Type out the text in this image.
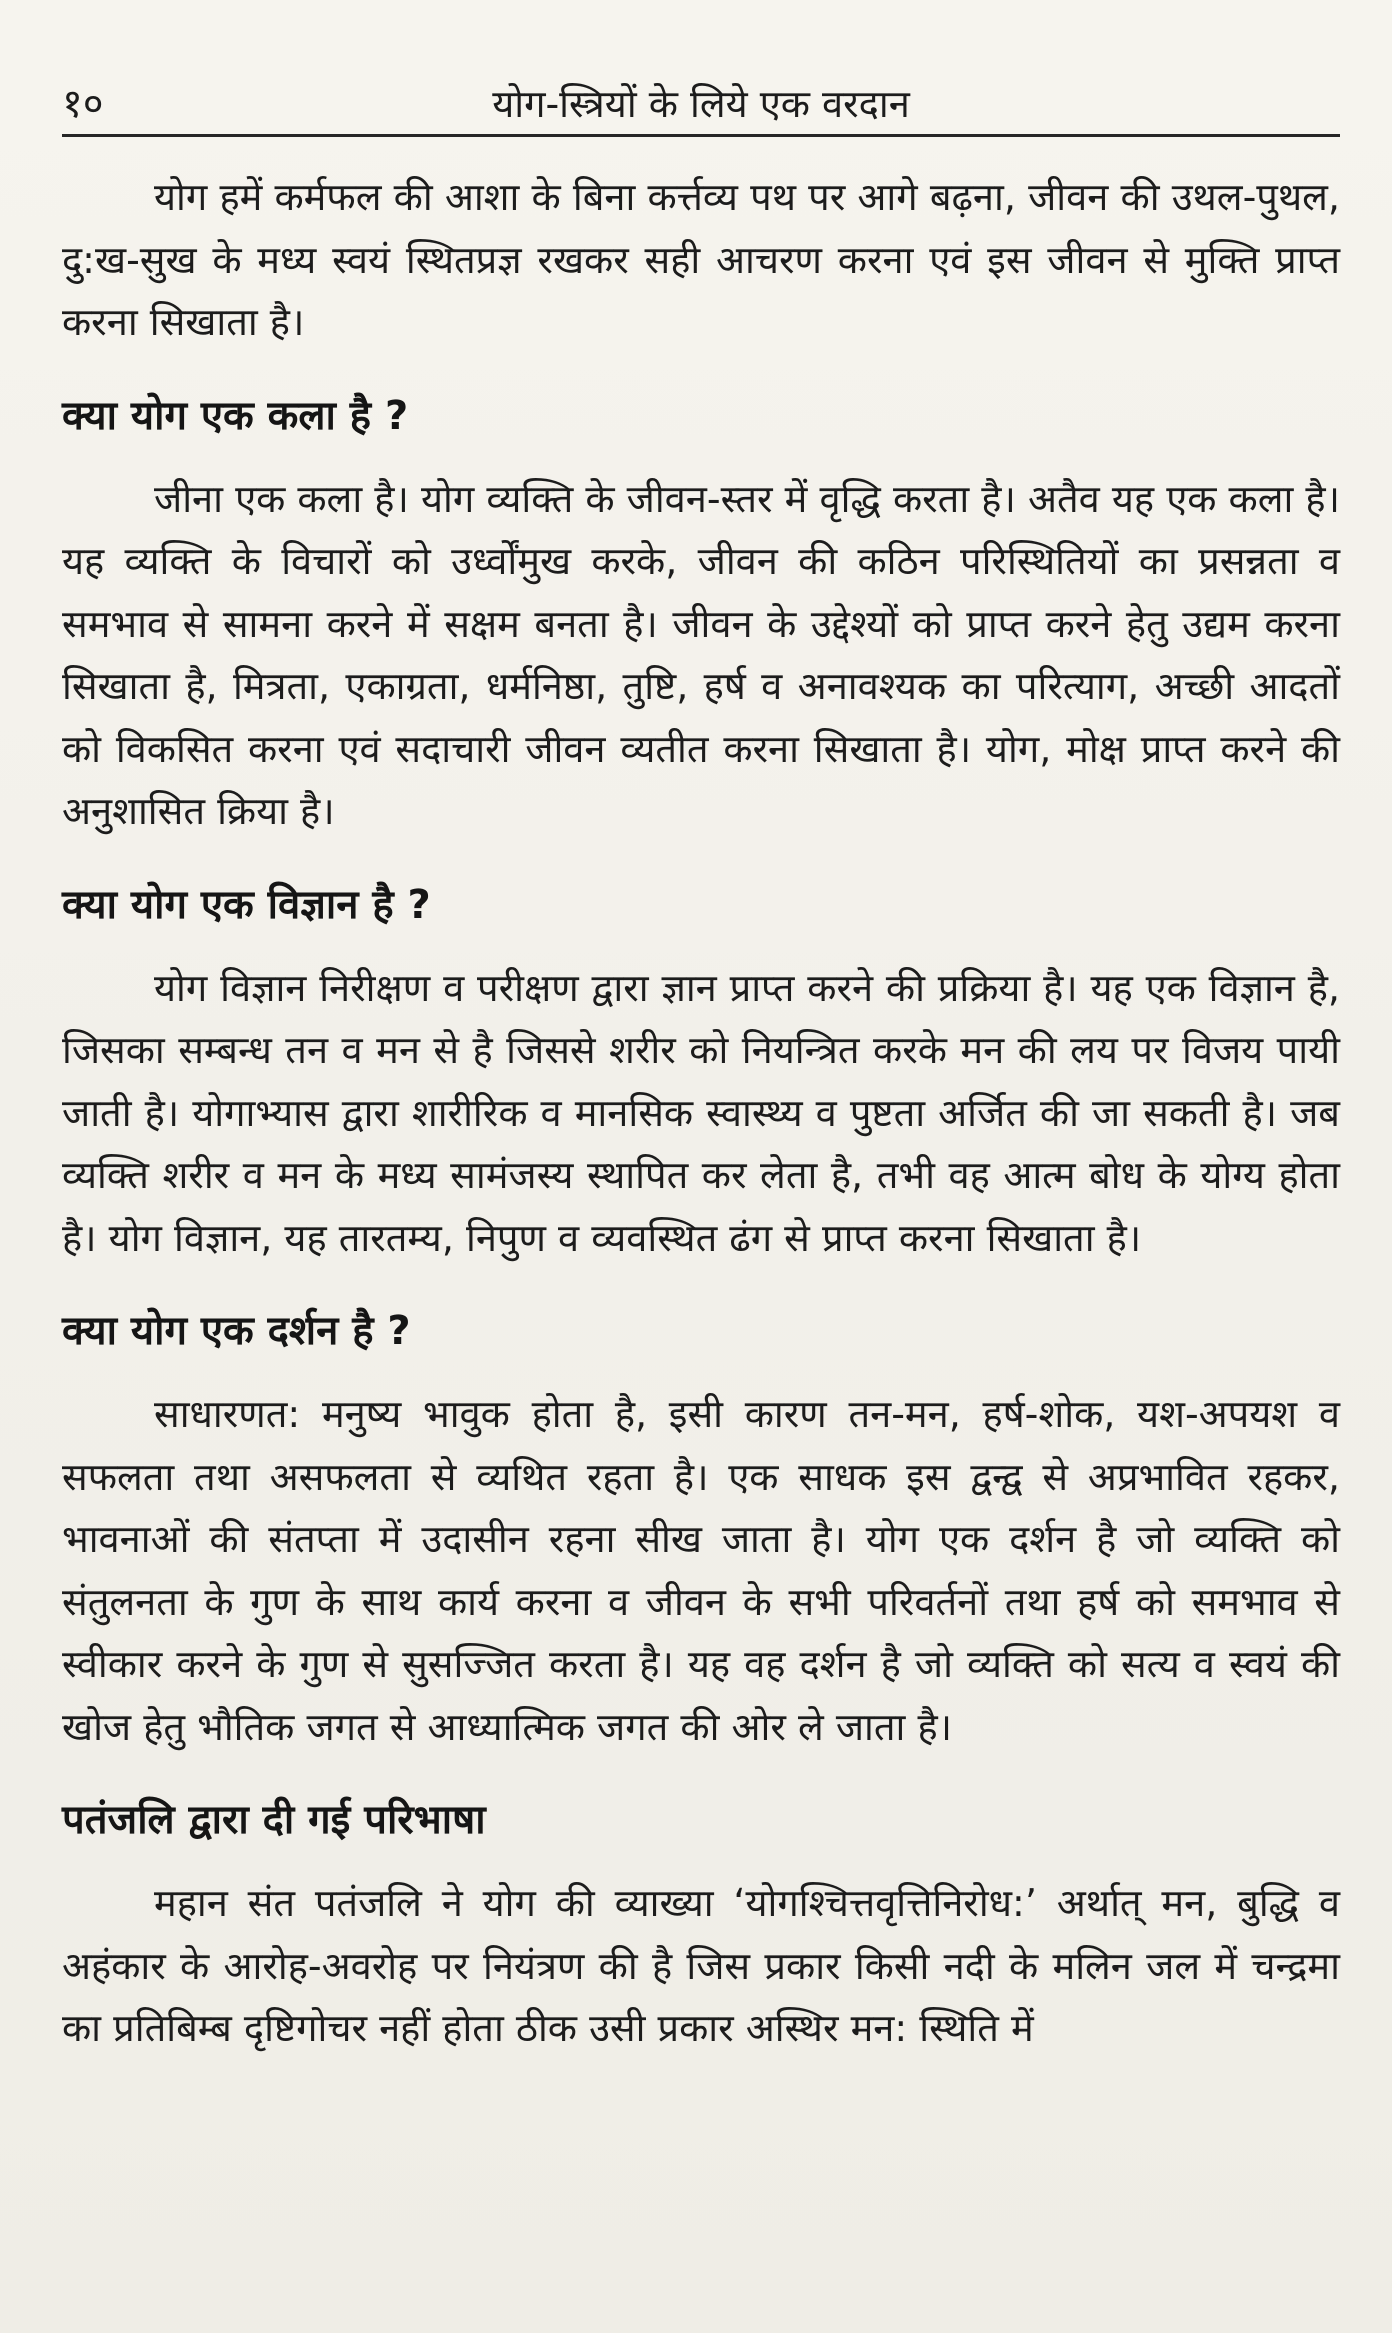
१०	योग-स्त्रियों के लिये एक वरदान

योग हमें कर्मफल की आशा के बिना कर्त्तव्य पथ पर आगे बढ़ना, जीवन की उथल-पुथल, दु:ख-सुख के मध्य स्वयं स्थितप्रज्ञ रखकर सही आचरण करना एवं इस जीवन से मुक्ति प्राप्त करना सिखाता है।

क्या योग एक कला है ?

जीना एक कला है। योग व्यक्ति के जीवन-स्तर में वृद्धि करता है। अतैव यह एक कला है। यह व्यक्ति के विचारों को उर्ध्वोंमुख करके, जीवन की कठिन परिस्थितियों का प्रसन्नता व समभाव से सामना करने में सक्षम बनता है। जीवन के उद्देश्यों को प्राप्त करने हेतु उद्यम करना सिखाता है, मित्रता, एकाग्रता, धर्मनिष्ठा, तुष्टि, हर्ष व अनावश्यक का परित्याग, अच्छी आदतों को विकसित करना एवं सदाचारी जीवन व्यतीत करना सिखाता है। योग, मोक्ष प्राप्त करने की अनुशासित क्रिया है।

क्या योग एक विज्ञान है ?

योग विज्ञान निरीक्षण व परीक्षण द्वारा ज्ञान प्राप्त करने की प्रक्रिया है। यह एक विज्ञान है, जिसका सम्बन्ध तन व मन से है जिससे शरीर को नियन्त्रित करके मन की लय पर विजय पायी जाती है। योगाभ्यास द्वारा शारीरिक व मानसिक स्वास्थ्य व पुष्टता अर्जित की जा सकती है। जब व्यक्ति शरीर व मन के मध्य सामंजस्य स्थापित कर लेता है, तभी वह आत्म बोध के योग्य होता है। योग विज्ञान, यह तारतम्य, निपुण व व्यवस्थित ढंग से प्राप्त करना सिखाता है।

क्या योग एक दर्शन है ?

साधारणत: मनुष्य भावुक होता है, इसी कारण तन-मन, हर्ष-शोक, यश-अपयश व सफलता तथा असफलता से व्यथित रहता है। एक साधक इस द्वन्द्व से अप्रभावित रहकर, भावनाओं की संतप्ता में उदासीन रहना सीख जाता है। योग एक दर्शन है जो व्यक्ति को संतुलनता के गुण के साथ कार्य करना व जीवन के सभी परिवर्तनों तथा हर्ष को समभाव से स्वीकार करने के गुण से सुसज्जित करता है। यह वह दर्शन है जो व्यक्ति को सत्य व स्वयं की खोज हेतु भौतिक जगत से आध्यात्मिक जगत की ओर ले जाता है।

पतंजलि द्वारा दी गई परिभाषा

महान संत पतंजलि ने योग की व्याख्या ‘योगश्चित्तवृत्तिनिरोध:’ अर्थात् मन, बुद्धि व अहंकार के आरोह-अवरोह पर नियंत्रण की है जिस प्रकार किसी नदी के मलिन जल में चन्द्रमा का प्रतिबिम्ब दृष्टिगोचर नहीं होता ठीक उसी प्रकार अस्थिर मन: स्थिति में
